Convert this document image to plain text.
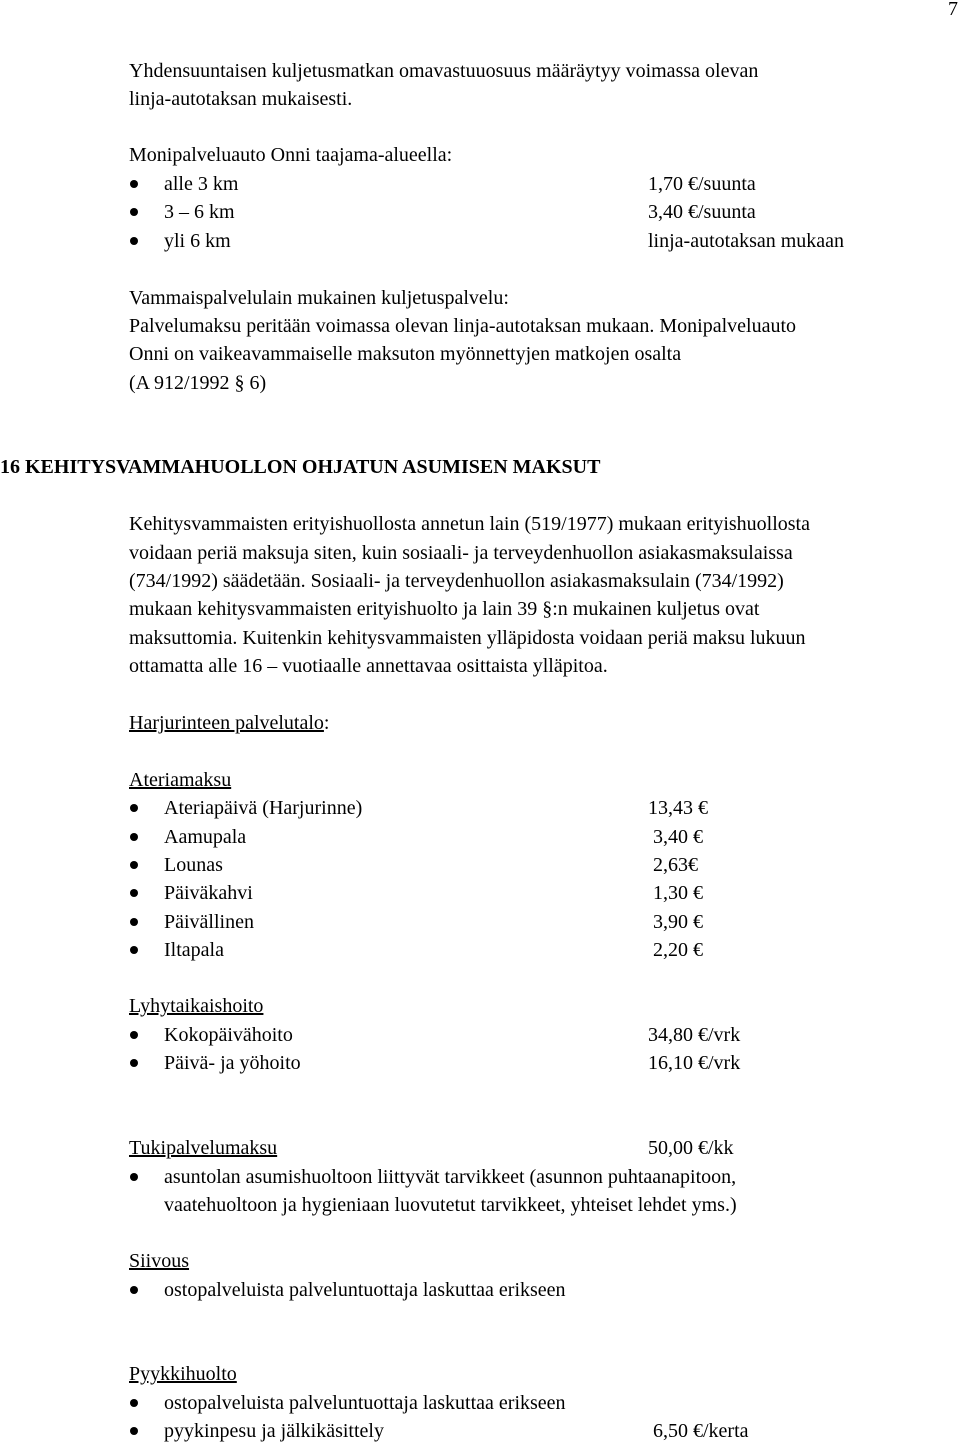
7
Yhdensuuntaisen kuljetusmatkan omavastuuosuus määräytyy voimassa olevan
linja-autotaksan mukaisesti.
Monipalveluauto Onni taajama-alueella:
alle 3 km	1,70 €/suunta
3 – 6 km	3,40 €/suunta
yli 6 km	linja-autotaksan mukaan
Vammaispalvelulain mukainen kuljetuspalvelu:
Palvelumaksu peritään voimassa olevan linja-autotaksan mukaan. Monipalveluauto
Onni on vaikeavammaiselle maksuton myönnettyjen matkojen osalta
(A 912/1992 § 6)
16 KEHITYSVAMMAHUOLLON OHJATUN ASUMISEN MAKSUT
Kehitysvammaisten erityishuollosta annetun lain (519/1977) mukaan erityishuollosta
voidaan periä maksuja siten, kuin sosiaali- ja terveydenhuollon asiakasmaksulaissa
(734/1992) säädetään. Sosiaali- ja terveydenhuollon asiakasmaksulain (734/1992)
mukaan kehitysvammaisten erityishuolto ja lain 39 §:n mukainen kuljetus ovat
maksuttomia. Kuitenkin kehitysvammaisten ylläpidosta voidaan periä maksu lukuun
ottamatta alle 16 – vuotiaalle annettavaa osittaista ylläpitoa.
Harjurinteen palvelutalo:
Ateriamaksu
Ateriapäivä (Harjurinne)	13,43 €
Aamupala	3,40 €
Lounas	2,63€
Päiväkahvi	1,30 €
Päivällinen	3,90 €
Iltapala	2,20 €
Lyhytaikaishoito
Kokopäivähoito	34,80 €/vrk
Päivä- ja yöhoito	16,10 €/vrk
Tukipalvelumaksu	50,00 €/kk
asuntolan asumishuoltoon liittyvät tarvikkeet (asunnon puhtaanapitoon,
vaatehuoltoon ja hygieniaan luovutetut tarvikkeet, yhteiset lehdet yms.)
Siivous
ostopalveluista palveluntuottaja laskuttaa erikseen
Pyykkihuolto
ostopalveluista palveluntuottaja laskuttaa erikseen
pyykinpesu ja jälkikäsittely	6,50 €/kerta
